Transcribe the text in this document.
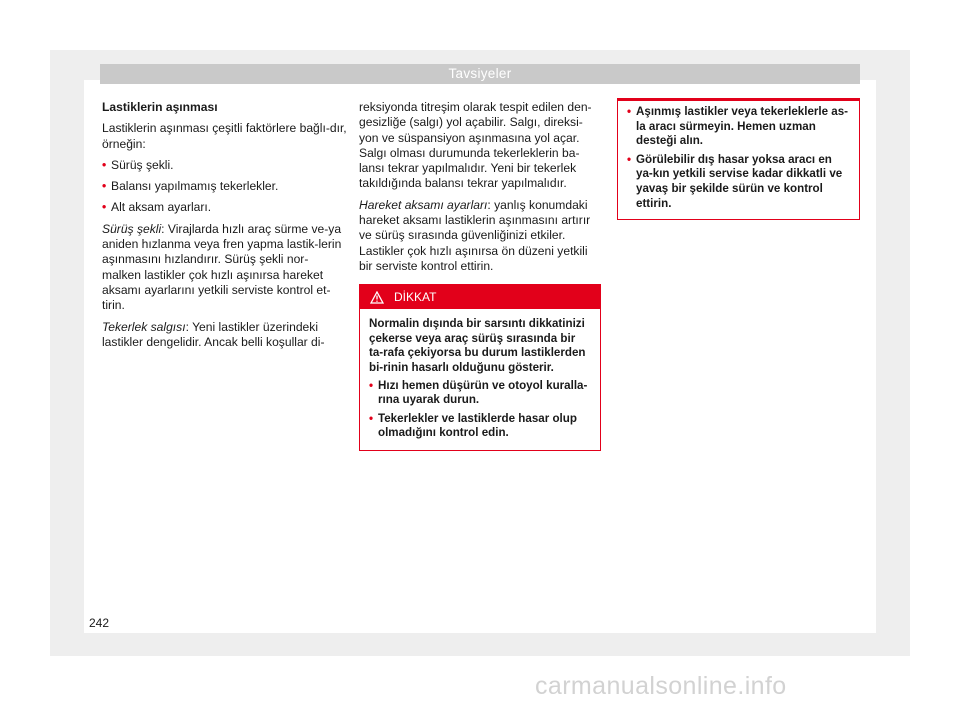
Tavsiyeler

Lastiklerin aşınması

Lastiklerin aşınması çeşitli faktörlere bağlı-dır, örneğin:

• Sürüş şekli.
• Balansı yapılmamış tekerlekler.
• Alt aksam ayarları.

Sürüş şekli: Virajlarda hızlı araç sürme ve-ya aniden hızlanma veya fren yapma lastik-lerin aşınmasını hızlandırır. Sürüş şekli nor-malken lastikler çok hızlı aşınırsa hareket aksamı ayarlarını yetkili serviste kontrol et-tirin.

Tekerlek salgısı: Yeni lastikler üzerindeki lastikler dengelidir. Ancak belli koşullar di-

reksiyonda titreşim olarak tespit edilen den-gesizliğe (salgı) yol açabilir. Salgı, direksi-yon ve süspansiyon aşınmasına yol açar. Salgı olması durumunda tekerleklerin ba-lansı tekrar yapılmalıdır. Yeni bir tekerlek takıldığında balansı tekrar yapılmalıdır.

Hareket aksamı ayarları: yanlış konumdaki hareket aksamı lastiklerin aşınmasını artırır ve sürüş sırasında güvenliğinizi etkiler. Lastikler çok hızlı aşınırsa ön düzeni yetkili bir serviste kontrol ettirin.

DİKKAT

Normalin dışında bir sarsıntı dikkatinizi çekerse veya araç sürüş sırasında bir ta-rafa çekiyorsa bu durum lastiklerden bi-rinin hasarlı olduğunu gösterir.

• Hızı hemen düşürün ve otoyol kuralla-rına uyarak durun.
• Tekerlekler ve lastiklerde hasar olup olmadığını kontrol edin.
• Aşınmış lastikler veya tekerleklerle as-la aracı sürmeyin. Hemen uzman desteği alın.
• Görülebilir dış hasar yoksa aracı en ya-kın yetkili servise kadar dikkatli ve yavaş bir şekilde sürün ve kontrol ettirin.
242
carmanualsonline.info
